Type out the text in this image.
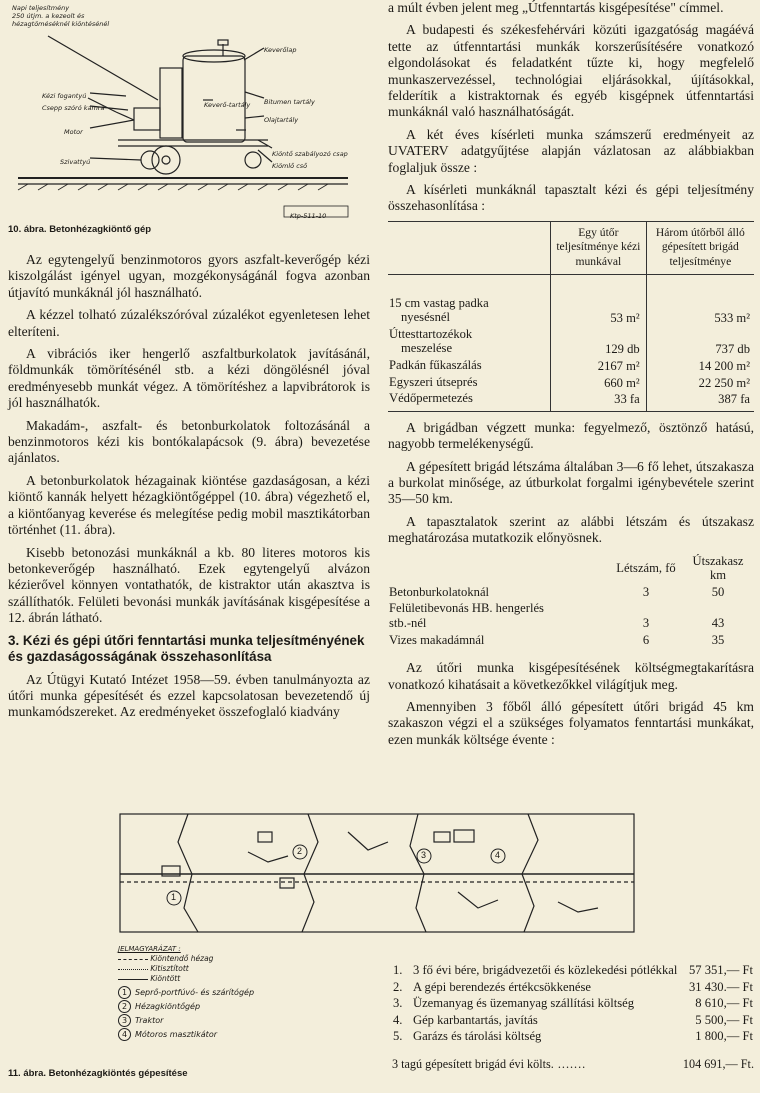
Napi teljesítmény
250 útjm. a kezeolt és
hézagtöméséknél kiöntésénél
Keverőlap
Bitumen tartály
Olajtartály
Kiöntő szabályozó csap
Kiömlő cső
Keverő-tartály
Kézi fogantyú
Csepp szóró kamra
Motor
Szivattyú
Ktp-511-10
10. ábra. Betonhézagkiöntő gép

Az egytengelyű benzinmotoros gyors aszfalt-keverőgép kézi kiszolgálást igényel ugyan, mozgékonyságánál fogva azonban útjavító munkáknál jól használható.

A kézzel tolható zúzalékszóróval zúzalékot egyenletesen lehet elteríteni.

A vibrációs iker hengerlő aszfaltburkolatok javításánál, földmunkák tömörítésénél stb. a kézi döngölésnél jóval eredményesebb munkát végez. A tömörítéshez a lapvibrátorok is jól használhatók.

Makadám-, aszfalt- és betonburkolatok foltozásánál a benzinmotoros kézi kis bontókalapácsok (9. ábra) bevezetése ajánlatos.

A betonburkolatok hézagainak kiöntése gazdaságosan, a kézi kiöntő kannák helyett hézagkiöntőgéppel (10. ábra) végezhető el, a kiöntőanyag keverése és melegítése pedig mobil masztikátorban történhet (11. ábra).

Kisebb betonozási munkáknál a kb. 80 literes motoros kis betonkeverőgép használható. Ezek egytengelyű alvázon kézierővel könnyen vontathatók, de kistraktor után akasztva is szállíthatók. Felületi bevonási munkák javításának kisgépesítése a 12. ábrán látható.

3. Kézi és gépi útőri fenntartási munka teljesítményének és gazdaságosságának összehasonlítása

Az Útügyi Kutató Intézet 1958—59. évben tanulmányozta az útőri munka gépesítését és ezzel kapcsolatosan bevezetendő új munkamódszereket. Az eredményeket összefoglaló kiadvány

a múlt évben jelent meg „Útfenntartás kisgépesítése" címmel.

A budapesti és székesfehérvári közúti igazgatóság magáévá tette az útfenntartási munkák korszerűsítésére vonatkozó elgondolásokat és feladatként tűzte ki, hogy megfelelő munkaszervezéssel, technológiai eljárásokkal, újításokkal, felderítik a kistraktornak és egyéb kisgépnek útfenntartási munkáknál való használhatóságát.

A két éves kísérleti munka számszerű eredményeit az UVATERV adatgyűjtése alapján vázlatosan az alábbiakban foglaljuk össze :

A kísérleti munkáknál tapasztalt kézi és gépi teljesítmény összehasonlítása :

	Egy útőr teljesítménye kézi munkával	Három útőrből álló gépesített brigád teljesítménye

15 cm vastag padka
nyesésnél	53 m²	533 m²

Úttesttartozékok
meszelése	129 db	737 db

Padkán fűkaszálás	2167 m²	14 200 m²

Egyszeri útseprés	660 m²	22 250 m²

Védőpermetezés	33 fa	387 fa

A brigádban végzett munka: fegyelmező, ösztönző hatású, nagyobb termelékenységű.

A gépesített brigád létszáma általában 3—6 fő lehet, útszakasza a burkolat minősége, az útburkolat forgalmi igénybevétele szerint 35—50 km.

A tapasztalatok szerint az alábbi létszám és útszakasz meghatározása mutatkozik előnyösnek.

	Létszám, fő	Útszakasz km

Betonburkolatoknál	3	50

Felületibevonás HB. hengerlés
stb.-nél	3	43

Vizes makadámnál	6	35

Az útőri munka kisgépesítésének költségmegtakarításra vonatkozó kihatásait a következőkkel világítjuk meg.

Amennyiben 3 főből álló gépesített útőri brigád 45 km szakaszon végzi el a szükséges folyamatos fenntartási munkákat, ezen munkák költsége évente :

1
2	3	4
JELMAGYARÁZAT :
Kiöntendő hézag
Kitisztított
Kiöntött
1 Seprő-portfúvó- és szárítógép
2 Hézagkiöntőgép
3 Traktor
4 Mótoros masztikátor
11. ábra. Betonhézagkiöntés gépesítése
1.	3 fő évi bére, brigádvezetői és közlekedési pótlékkal	57 351,— Ft
2.	A gépi berendezés értékcsökkenése	31 430.— Ft
3.	Üzemanyag és üzemanyag szállítási költség	8 610,— Ft
4.	Gép karbantartás, javítás	5 500,— Ft
5.	Garázs és tárolási költség	1 800,— Ft
3 tagú gépesített brigád évi költs. .......	104 691,— Ft.
